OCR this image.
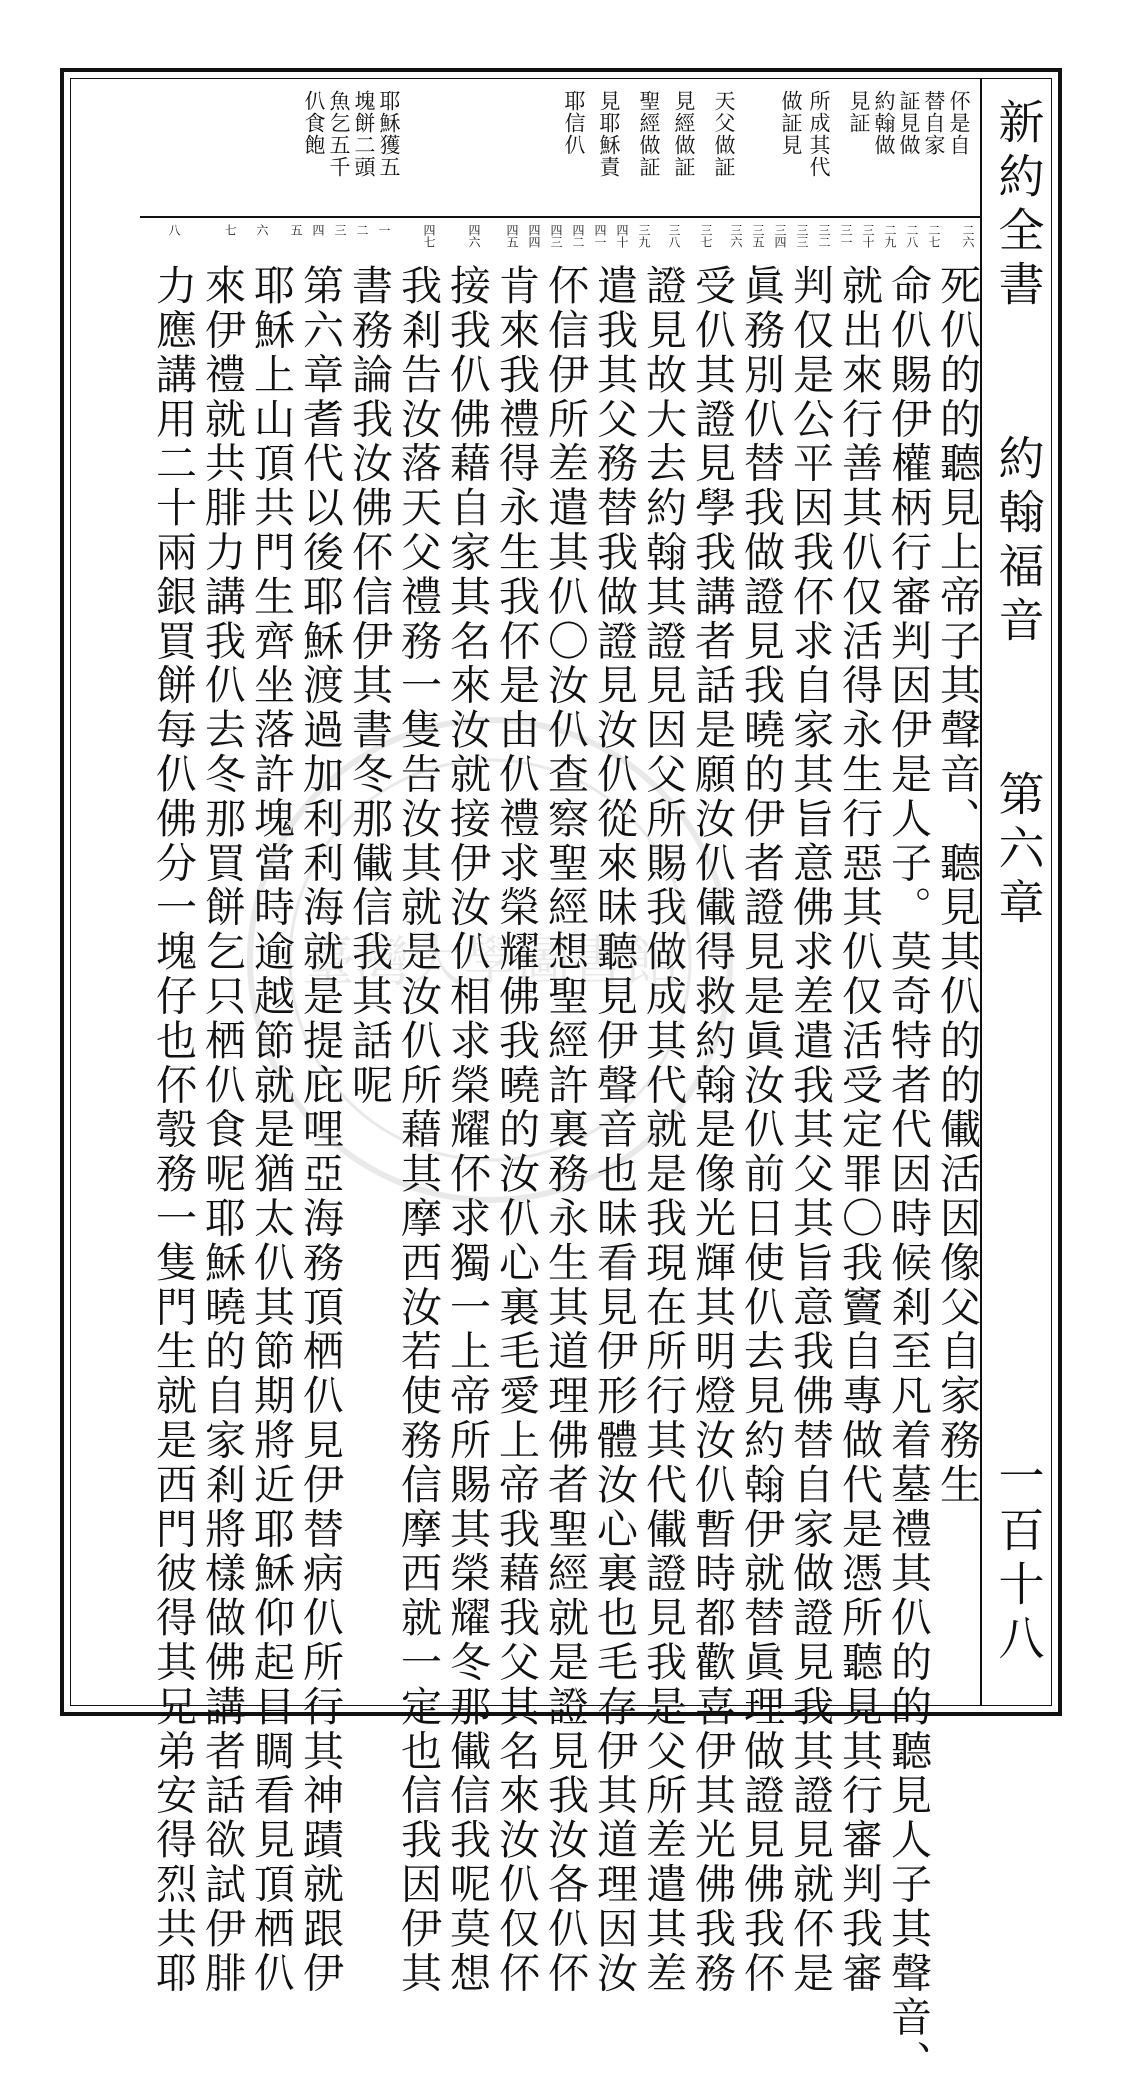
新約全書
約翰福音
第六章
一百十八
伓是自
替自家
証見做
約翰做
見証
所成其代
做証見
天父做証
見經做証
聖經做証
見耶穌責
耶信仈
耶穌獲五
塊餅二頭
魚乞五千
仈食飽
二六
二七
二八
二九
三十
三一
三二
三三
三四
三五
三六
三七
三八
三九
四十
四一
四二
四三
四四
四五
四六
四七
一
二
三
四
五
六
七
八
死仈的的聽見上帝子其聲音、聽見其仈的的儎活因像父自家務生
命仈賜伊權柄行審判因伊是人子。莫奇特者代因時候剎至凡着墓禮其仈的的聽見人子其聲音、
就出來行善其仈仅活得永生行惡其仈仅活受定罪〇我竇自專做代是憑所聽見其行審判我審
判仅是公平因我伓求自家其旨意佛求差遣我其父其旨意我佛替自家做證見我其證見就伓是
眞務別仈替我做證見我曉的伊者證見是眞汝仈前日使仈去見約翰伊就替眞理做證見佛我伓
受仈其證見學我講者話是願汝仈儎得救約翰是像光輝其明燈汝仈暫時都歡喜伊其光佛我務
證見故大去約翰其證見因父所賜我做成其代就是我現在所行其代儎證見我是父所差遣其差
遣我其父務替我做證見汝仈從來昧聽見伊聲音也昧看見伊形體汝心裏也毛存伊其道理因汝
伓信伊所差遣其仈〇汝仈查察聖經想聖經許裏務永生其道理佛者聖經就是證見我汝各仈伓
肯來我禮得永生我伓是由仈禮求榮耀佛我曉的汝仈心裏毛愛上帝我藉我父其名來汝仈仅伓
接我仈佛藉自家其名來汝就接伊汝仈相求榮耀伓求獨一上帝所賜其榮耀冬那儎信我呢莫想
我剎告汝落天父禮務一隻告汝其就是汝仈所藉其摩西汝若使務信摩西就一定也信我因伊其
書務論我汝佛伓信伊其書冬那儎信我其話呢
第六章耆代以後耶穌渡過加利利海就是提庇哩亞海務頂栖仈見伊替病仈所行其神蹟就跟伊
耶穌上山頂共門生齊坐落許塊當時逾越節就是猶太仈其節期將近耶穌仰起目睭看見頂栖仈
來伊禮就共腓力講我仈去冬那買餅乞只栖仈食呢耶穌曉的自家剎將樣做佛講者話欲試伊腓
力應講用二十兩銀買餅每仈佛分一塊仔也伓彀務一隻門生就是西門彼得其兄弟安得烈共耶 臺灣大學圖書館
